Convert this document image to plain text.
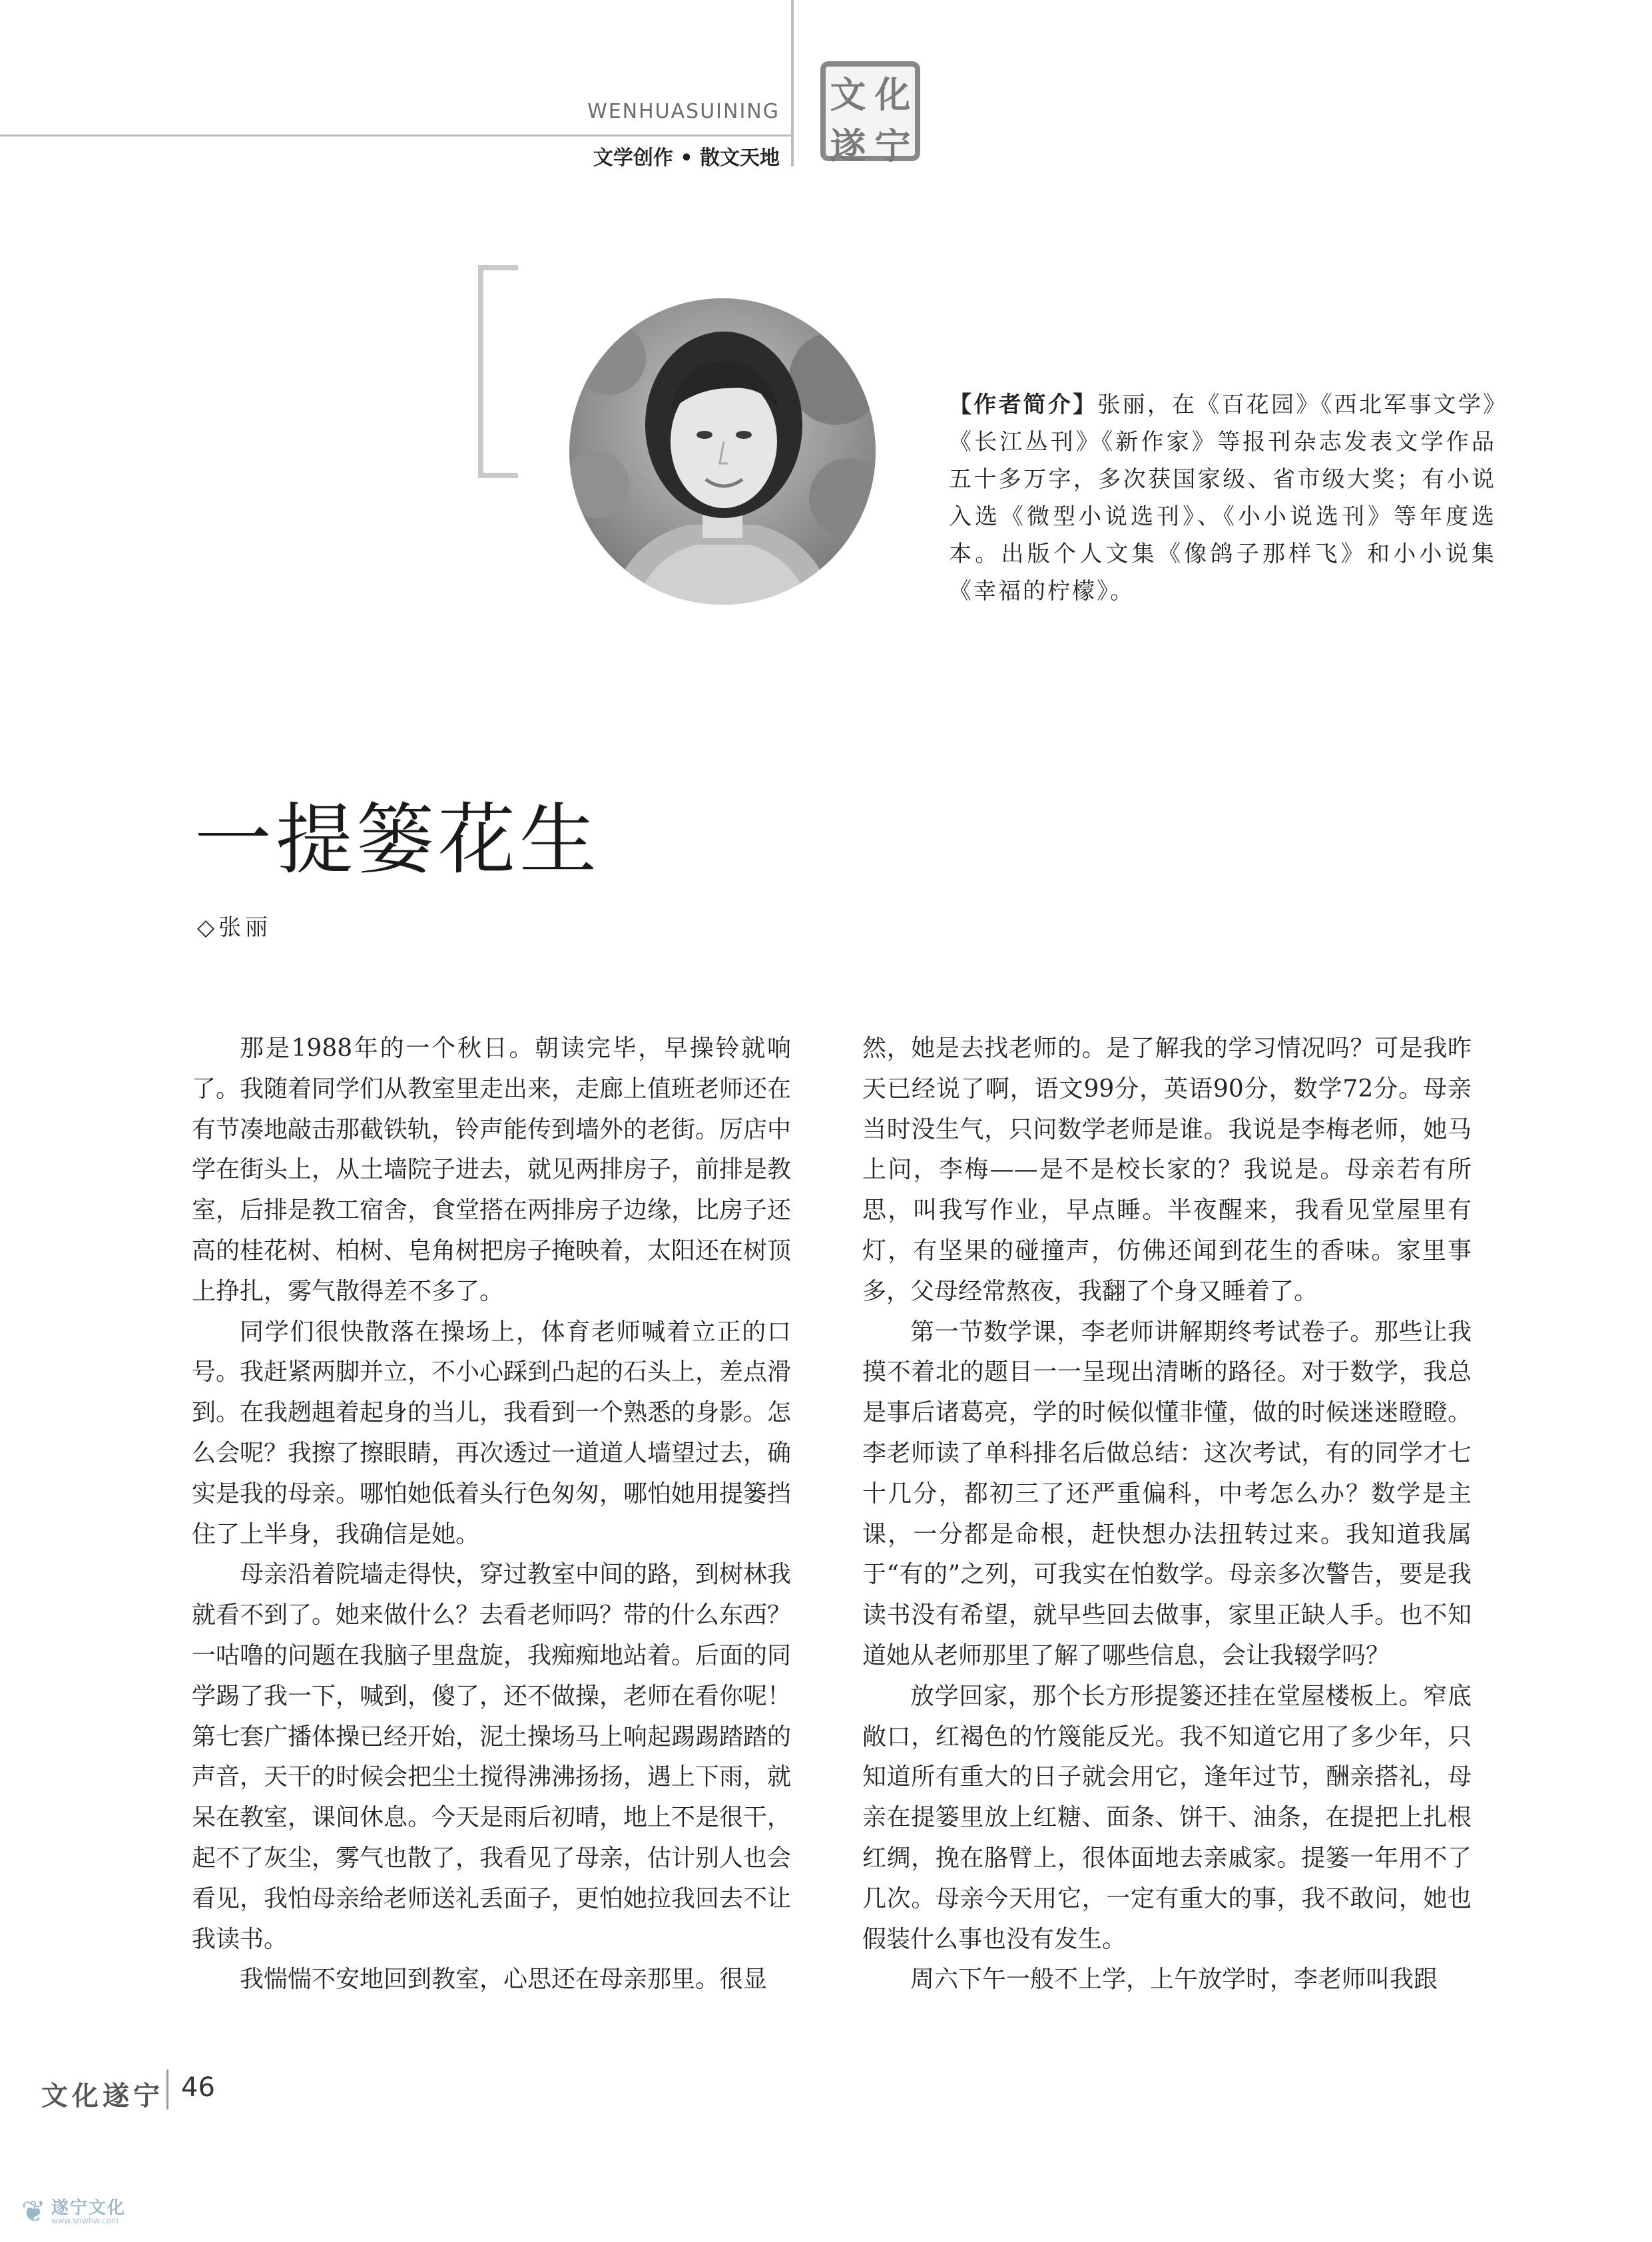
WENHUASUINING
文学创作 • 散文天地
文 化
遂 宁
【作者简介】张丽，在《百花园》《西北军事文学》《长江丛刊》《新作家》等报刊杂志发表文学作品五十多万字，多次获国家级、省市级大奖；有小说入选《微型小说选刊》、《小小说选刊》等年度选本。出版个人文集《像鸽子那样飞》和小小说集《幸福的柠檬》。
一提篓花生
◇张丽

那是1988年的一个秋日。朝读完毕，早操铃就响了。我随着同学们从教室里走出来，走廊上值班老师还在有节凑地敲击那截铁轨，铃声能传到墙外的老街。厉店中学在街头上，从土墙院子进去，就见两排房子，前排是教室，后排是教工宿舍，食堂搭在两排房子边缘，比房子还高的桂花树、柏树、皂角树把房子掩映着，太阳还在树顶上挣扎，雾气散得差不多了。

同学们很快散落在操场上，体育老师喊着立正的口号。我赶紧两脚并立，不小心踩到凸起的石头上，差点滑到。在我趔趄着起身的当儿，我看到一个熟悉的身影。怎么会呢？我擦了擦眼睛，再次透过一道道人墙望过去，确实是我的母亲。哪怕她低着头行色匆匆，哪怕她用提篓挡住了上半身，我确信是她。

母亲沿着院墙走得快，穿过教室中间的路，到树林我就看不到了。她来做什么？去看老师吗？带的什么东西？一咕噜的问题在我脑子里盘旋，我痴痴地站着。后面的同学踢了我一下，喊到，傻了，还不做操，老师在看你呢！第七套广播体操已经开始，泥土操场马上响起踢踢踏踏的声音，天干的时候会把尘土搅得沸沸扬扬，遇上下雨，就呆在教室，课间休息。今天是雨后初晴，地上不是很干，起不了灰尘，雾气也散了，我看见了母亲，估计别人也会看见，我怕母亲给老师送礼丢面子，更怕她拉我回去不让我读书。

我惴惴不安地回到教室，心思还在母亲那里。很显

然，她是去找老师的。是了解我的学习情况吗？可是我昨天已经说了啊，语文99分，英语90分，数学72分。母亲当时没生气，只问数学老师是谁。我说是李梅老师，她马上问，李梅——是不是校长家的？我说是。母亲若有所思，叫我写作业，早点睡。半夜醒来，我看见堂屋里有灯，有坚果的碰撞声，仿佛还闻到花生的香味。家里事多，父母经常熬夜，我翻了个身又睡着了。

第一节数学课，李老师讲解期终考试卷子。那些让我摸不着北的题目一一呈现出清晰的路径。对于数学，我总是事后诸葛亮，学的时候似懂非懂，做的时候迷迷瞪瞪。李老师读了单科排名后做总结：这次考试，有的同学才七十几分，都初三了还严重偏科，中考怎么办？数学是主课，一分都是命根，赶快想办法扭转过来。我知道我属于“有的”之列，可我实在怕数学。母亲多次警告，要是我读书没有希望，就早些回去做事，家里正缺人手。也不知道她从老师那里了解了哪些信息，会让我辍学吗？

放学回家，那个长方形提篓还挂在堂屋楼板上。窄底敞口，红褐色的竹篾能反光。我不知道它用了多少年，只知道所有重大的日子就会用它，逢年过节，酬亲搭礼，母亲在提篓里放上红糖、面条、饼干、油条，在提把上扎根红绸，挽在胳臂上，很体面地去亲戚家。提篓一年用不了几次。母亲今天用它，一定有重大的事，我不敢问，她也假装什么事也没有发生。

周六下午一般不上学，上午放学时，李老师叫我跟

文化遂宁 46
❦ 遂宁文化
www.snwhw.com
